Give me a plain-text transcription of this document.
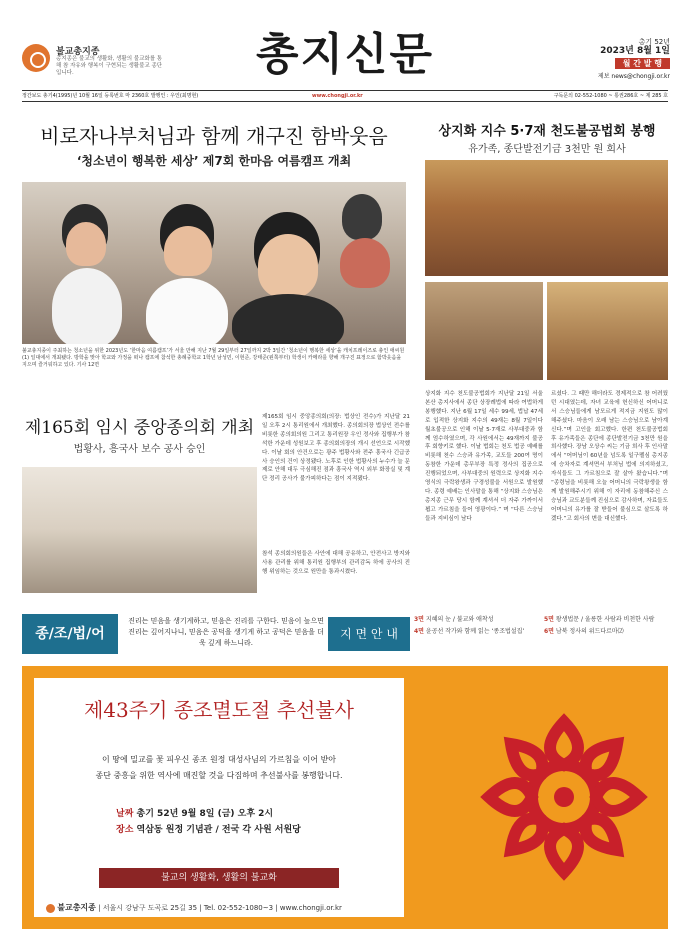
불교총지종
총지종은 불교의 생활화, 생활의 불교화를 통해 참 자유와 행복이 구현되는 생활불교 종단입니다.	총지신문	총기 52년
2023년 8월 1일
월 간 발 행
제보 news@chongji.or.kr
정간보도 총기4(1995)년 10월 16일 등록번호 마 2360호 발행인 : 우인(최명현)	www.chongji.or.kr	구독문의 02-552-1080 ~ 통권286호 ~ 제 285 호
비로자나부처님과 함께 개구진 함박웃음
‘청소년이 행복한 세상’ 제7회 한마음 여름캠프 개최
불교총지종이 주최하는 청소년을 위한 2023년도 ‘한마음 여름캠프’가 서울 만해 지난 7월 29일부터 27일까지 2박 3일간 ‘청소년이 행복한 세상’을 캐치프레이즈로 총인 애씨원(1) 일대에서 개최됐다. 방학을 맞아 학교와 가정을 떠나 캠프에 참석한 총례중학교 1학년 남성민, 이현준, 강태준(왼쪽부터) 학생이 카메라를 향해 개구진 표정으로 함박웃음을 지으며 즐거워하고 있다. 기사 12면
상지화 지수 5·7재 천도불공법회 봉행
유가족, 종단발전기금 3천만 원 희사
상지화 지수 천도불공법회가 지난달 21일 서울 본산 총지사에서 종단 상장례법에 따라 여법하게 봉행했다. 지난 6월 17일 세수 99세, 법납 47세로 입적한 상지화 지수의 49재는 8월 7일이다 월초불공으로 인해 이날 5·7재로 사부대중과 함께 엄수하였으며, 각 사원에서는 49재까지 불공 후 회향키로 했다. 이날 법회는 천도 법공 예배를 비롯해 천수 스승과 유가족, 교도들 200여 명이 동참한 가운데 총무부장 특정 정사의 집공으로 진행되었으며, 사부대중의 원력으로 상지화 지수 영식의 극락왕생과 구경성불을 서원으로 발원했다. 종령 예배는 인사말을 통해 “상지화 스승님은 총지종 근무 당시 함께 계셔서 더 자주 가까이서 뵙고 가르침을 들어 영광이다.” 며 “다른 스승님들과 지비심이 남다
르셨다. 그 때만 해더라도 경제적으로 참 어려웠던 시대였는데, 자녀 교육에 헌신하신 어머니로서 스승님들에게 남모르게 적지금 지원도 많이 해주셨다. 마음이 오래 남는 스승님으로 남아계신다.”며 고인을 회고했다. 한편 천도불공법회 후 유가족들은 종단에 종단발전기금 3천만 원을 희사했다. 장남 오상수 씨는 기금 희사 후 인사말에서 “어머님이 60년을 넘도록 일구펠심 총지종에 승차자로 계셔면서 부처님 법에 의지하셨고, 자식들도 그 가르침으로 잘 살아 왔습니다.”며 “종령님을 비롯해 오늘 어머니의 극락왕생을 함께 발원해주시기 위해 이 자리에 동참해주신 스승님과 교도분들께 진심으로 감사하며, 자료들도 어머니의 유가를 잘 받들어 불심으로 살도록 하겠다.”고 회사의 변을 대신했다.
제165회 임시 중앙종의회 개최
법황사, 흥국사 보수 공사 승인
제165회 임시 중앙종의회(의장: 법상인 전수)가 지난달 21일 오후 2시 통리원에서 개최했다. 종의회의장 법상인 전수를 비롯한 종의회의원 그리고 통리원장 우인 정사와 집행부가 참석한 가운데 성원보고 후 종의회의장의 개시 선언으로 시작했다. 이날 회의 안건으로는 광주 법황사와 전주 흥국사 긴급공사 승인의 건이 상정됐다. 노후로 인한 법황사의 누수가 늘 문제로 안해 대두 극심해진 점과 흥국사 역시 외부 화장실 및 계단 정리 공사가 불가피하다는 점이 지적됐다.
참석 종의회의원들은 사안에 대해 공유하고, 안전사고 방지와 사용 관리를 위해 통리원 집행부의 관리감독 하에 공사의 진행 위임하는 것으로 원만을 통과시켰다.
종/조/법/어
진리는 믿음을 생기게하고, 믿음은 진리를 구한다. 믿음이 높으면 진리는 깊어지나니, 믿음은 공덕을 생기게 하고 공덕은 믿음을 더욱 깊게 하느니라.
지 면 안 내
3면 지혜의 눈 / 불교와 애착성
4면 윤공선 작가와 함께 읽는 ‘종조법설집’
5면 왕생법문 / 울릉한 사람과 비천한 사람
6면 남북 정사의 위드다르마⑵
제43주기 종조멸도절 추선불사
이 땅에 밀교를 꽃 피우신 종조 원정 대성사님의 가르침을 이어 받아
종단 중흥을 위한 역사에 매진할 것을 다짐하며 추선불사를 봉행합니다.
날짜 총기 52년 9월 8일 (금) 오후 2시
장소 역삼동 원정 기념관 / 전국 각 사원 서원당
불교의 생활화, 생활의 불교화
불교총지종 | 서울시 강남구 도곡로 25길 35 | Tel. 02-552-1080~3 | www.chongji.or.kr
